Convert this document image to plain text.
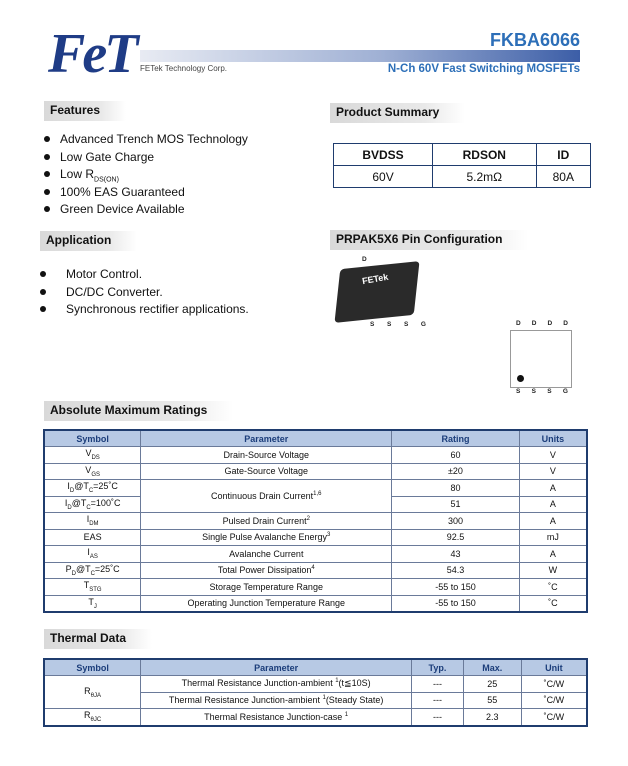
FeT FETek Technology Corp.
FKBA6066
N-Ch 60V Fast Switching MOSFETs
Features
Advanced Trench MOS Technology
Low Gate Charge
Low $R_{DS(ON)}$
100% EAS Guaranteed
Green Device Available
Application
Motor Control.
DC/DC Converter.
Synchronous rectifier applications.
Product Summary
BVDSS	RDSON	ID
60V	5.2mΩ	80A
PRPAK5X6 Pin Configuration
D
FETek
S S S G	D D D D
S S S G
Absolute Maximum Ratings
Symbol	Parameter	Rating	Units
$V_{DS}$	Drain-Source Voltage	60	V
$V_{GS}$	Gate-Source Voltage	±20	V
$I_D@T_C=25˚C$	Continuous Drain Current$^{1,6}$	80	A
$I_D@T_C=100˚C$		51	A
$I_{DM}$	Pulsed Drain Current$^2$	300	A
EAS	Single Pulse Avalanche Energy$^3$	92.5	mJ
$I_{AS}$	Avalanche Current	43	A
$P_D@T_C=25˚C$	Total Power Dissipation$^4$	54.3	W
$T_{STG}$	Storage Temperature Range	-55 to 150	˚C
$T_J$	Operating Junction Temperature Range	-55 to 150	˚C
Thermal Data
Symbol	Parameter	Typ.	Max.	Unit
$R_{\theta JA}$	Thermal Resistance Junction-ambient $^1$(t≦10S)	---	25	˚C/W
	Thermal Resistance Junction-ambient $^1$(Steady State)	---	55	˚C/W
$R_{\theta JC}$	Thermal Resistance Junction-case $^1$	---	2.3	˚C/W
